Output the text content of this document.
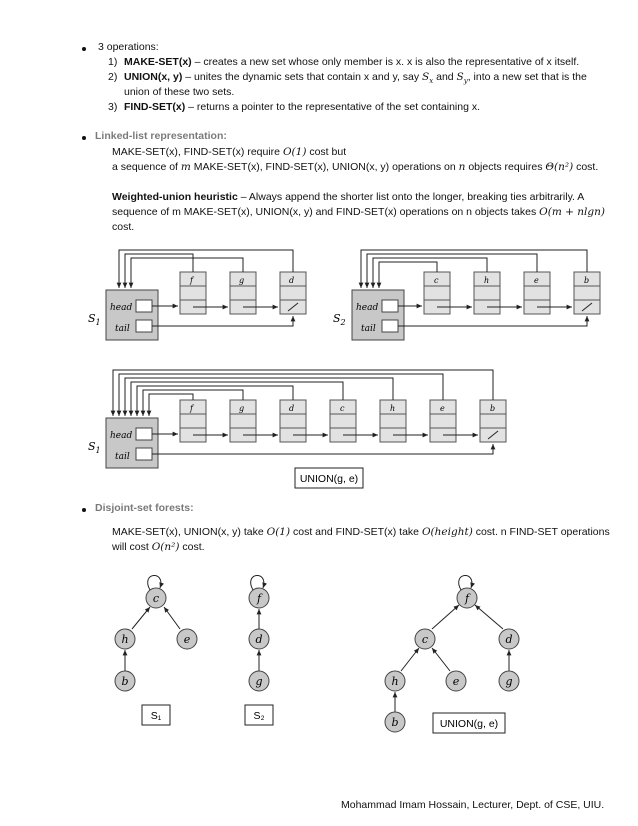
3 operations:
1) MAKE-SET(x) – creates a new set whose only member is x. x is also the representative of x itself.
2) UNION(x, y) – unites the dynamic sets that contain x and y, say $S_x$ and $S_y$, into a new set that is the
union of these two sets.
3) FIND-SET(x) – returns a pointer to the representative of the set containing x.
Linked-list representation:
MAKE-SET(x), FIND-SET(x) require O(1) cost but
a sequence of m MAKE-SET(x), FIND-SET(x), UNION(x, y) operations on n objects requires Θ(n²) cost.
Weighted-union heuristic – Always append the shorter list onto the longer, breaking ties arbitrarily. A
sequence of m MAKE-SET(x), UNION(x, y) and FIND-SET(x) operations on n objects takes O(m + nlgn)
cost.
head
tail
$S_1$
f	g	d
head
tail
$S_2$
c	h	e	b
head
tail
$S_1$
f	g	d	c	h	e	b
UNION(g, e)
Disjoint-set forests:
MAKE-SET(x), UNION(x, y) take O(1) cost and FIND-SET(x) take O(height) cost. n FIND-SET operations
will cost O(n²) cost.
c
h	e
b
S₁
f
d
g
S₂
f
c	d
h	e	g
b	UNION(g, e)
Mohammad Imam Hossain, Lecturer, Dept. of CSE, UIU.
